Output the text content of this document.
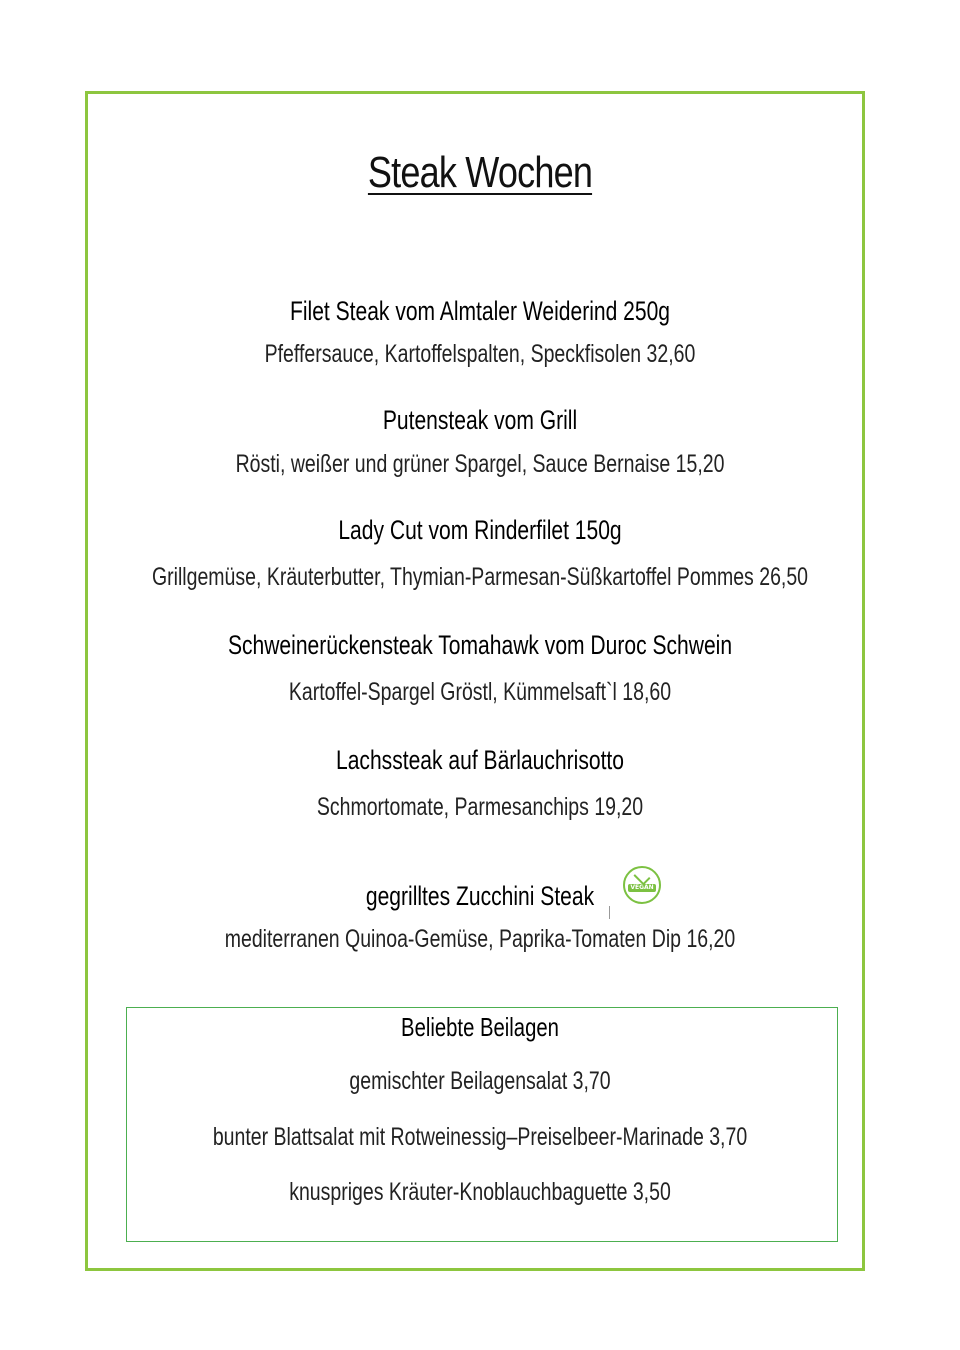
Steak Wochen
Filet Steak vom Almtaler Weiderind 250g
Pfeffersauce, Kartoffelspalten, Speckfisolen 32,60
Putensteak vom Grill
Rösti, weißer und grüner Spargel, Sauce Bernaise 15,20
Lady Cut vom Rinderfilet 150g
Grillgemüse, Kräuterbutter, Thymian-Parmesan-Süßkartoffel Pommes 26,50
Schweinerückensteak Tomahawk vom Duroc Schwein
Kartoffel-Spargel Gröstl, Kümmelsaft`l 18,60
Lachssteak auf Bärlauchrisotto
Schmortomate, Parmesanchips 19,20
gegrilltes Zucchini Steak	VEGAN
mediterranen Quinoa-Gemüse, Paprika-Tomaten Dip 16,20
Beliebte Beilagen
gemischter Beilagensalat 3,70
bunter Blattsalat mit Rotweinessig–Preiselbeer-Marinade 3,70
knuspriges Kräuter-Knoblauchbaguette 3,50
